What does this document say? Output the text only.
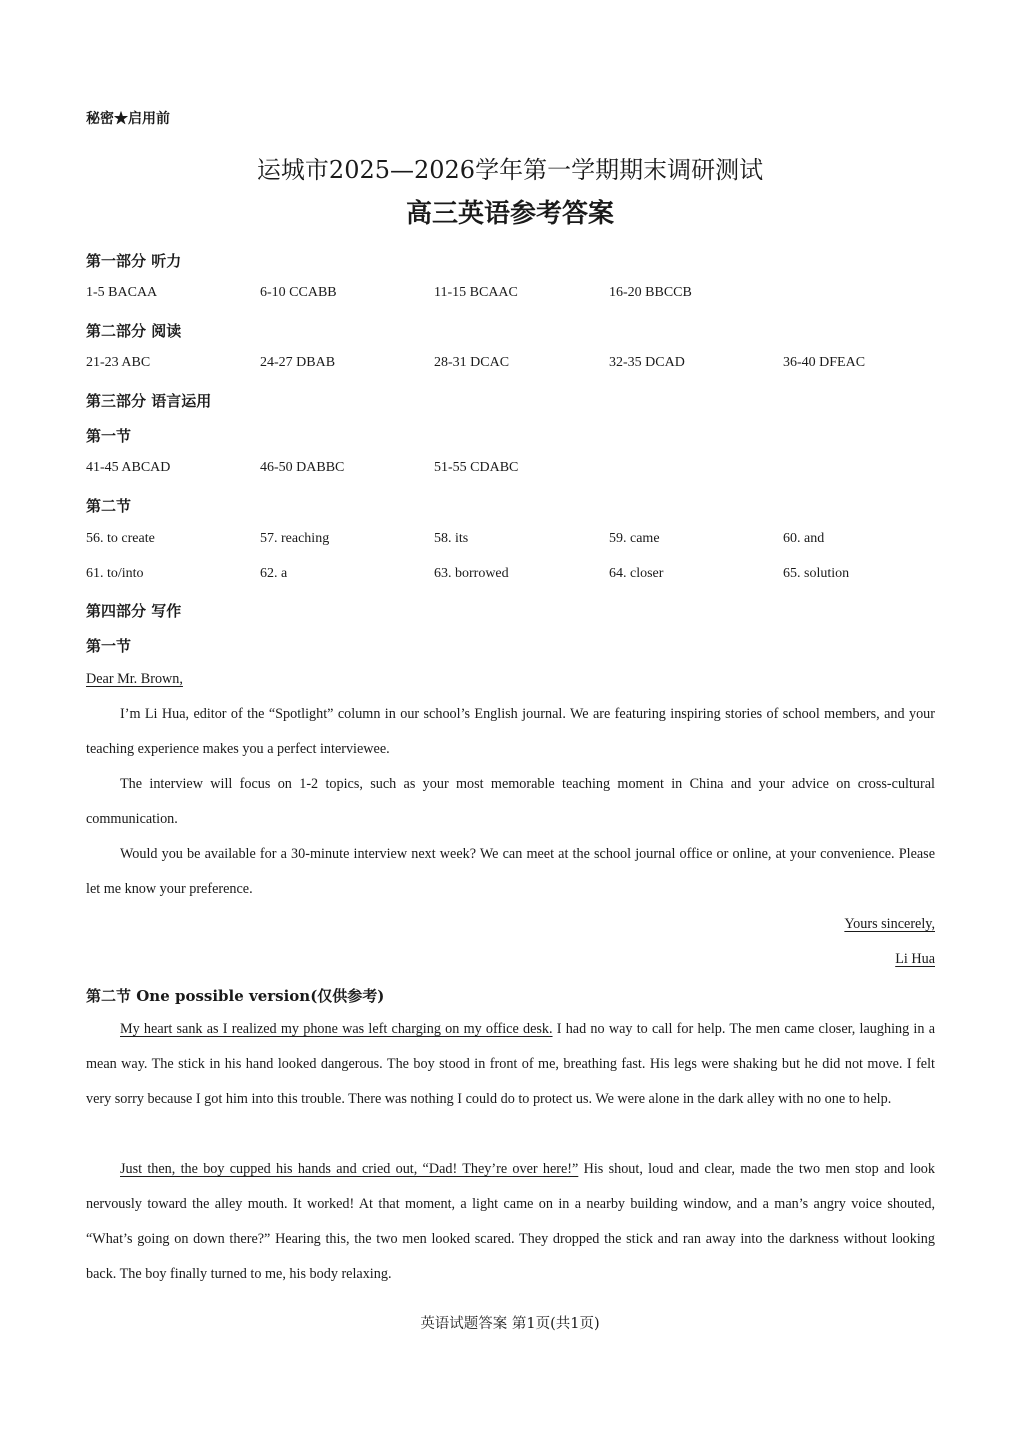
秘密★启用前
运城市2025—2026学年第一学期期末调研测试
高三英语参考答案
第一部分 听力
1-5 BACAA	6-10 CCABB	11-15 BCAAC	16-20 BBCCB
第二部分 阅读
21-23 ABC	24-27 DBAB	28-31 DCAC	32-35 DCAD	36-40 DFEAC
第三部分 语言运用
第一节
41-45 ABCAD	46-50 DABBC	51-55 CDABC
第二节
56. to create	57. reaching	58. its	59. came	60. and
61. to/into	62. a	63. borrowed	64. closer	65. solution
第四部分 写作
第一节
Dear Mr. Brown,
I’m Li Hua, editor of the “Spotlight” column in our school’s English journal. We are featuring inspiring stories of school members, and your teaching experience makes you a perfect interviewee.
The interview will focus on 1-2 topics, such as your most memorable teaching moment in China and your advice on cross-cultural communication.
Would you be available for a 30-minute interview next week? We can meet at the school journal office or online, at your convenience. Please let me know your preference.
Yours sincerely,
Li Hua
第二节 One possible version(仅供参考)
My heart sank as I realized my phone was left charging on my office desk. I had no way to call for help. The men came closer, laughing in a mean way. The stick in his hand looked dangerous. The boy stood in front of me, breathing fast. His legs were shaking but he did not move. I felt very sorry because I got him into this trouble. There was nothing I could do to protect us. We were alone in the dark alley with no one to help.
Just then, the boy cupped his hands and cried out, “Dad! They’re over here!” His shout, loud and clear, made the two men stop and look nervously toward the alley mouth. It worked! At that moment, a light came on in a nearby building window, and a man’s angry voice shouted, “What’s going on down there?” Hearing this, the two men looked scared. They dropped the stick and ran away into the darkness without looking back. The boy finally turned to me, his body relaxing.
英语试题答案 第1页(共1页)
